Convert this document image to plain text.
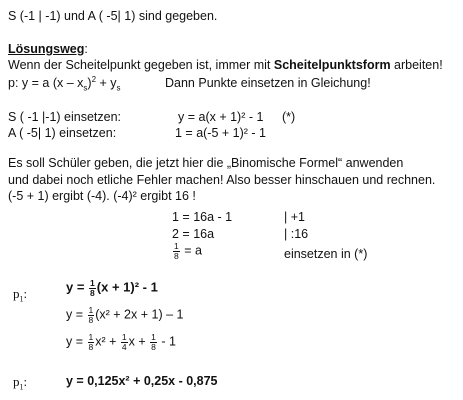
S (-1 | -1) und A ( -5| 1) sind gegeben.
Lösungsweg:
Wenn der Scheitelpunkt gegeben ist, immer mit Scheitelpunktsform arbeiten!
p: y = a $(x - x_s)^2 + y_s$	Dann Punkte einsetzen in Gleichung!
S ( -1 |-1) einsetzen:	y = a(x + 1)² - 1 (*)
A ( -5| 1) einsetzen:	1 = a(-5 + 1)² - 1
Es soll Schüler geben, die jetzt hier die „Binomische Formel“ anwenden
und dabei noch etliche Fehler machen! Also besser hinschauen und rechnen.
(-5 + 1) ergibt (-4). (-4)² ergibt 16 !
1 = 16a - 1	| +1
2 = 16a	| :16
$\frac{1}{8} = a$	einsetzen in (*)
$p_1$:	$y = \frac{1}{8} (x + 1)^2 - 1$
$y = \frac{1}{8} (x^2 + 2x + 1) - 1$
$y = \frac{1}{8} x^2 + \frac{1}{4}$ $x + \frac{1}{8} - 1$
$p_1$:	y = 0,125x² + 0,25x - 0,875
